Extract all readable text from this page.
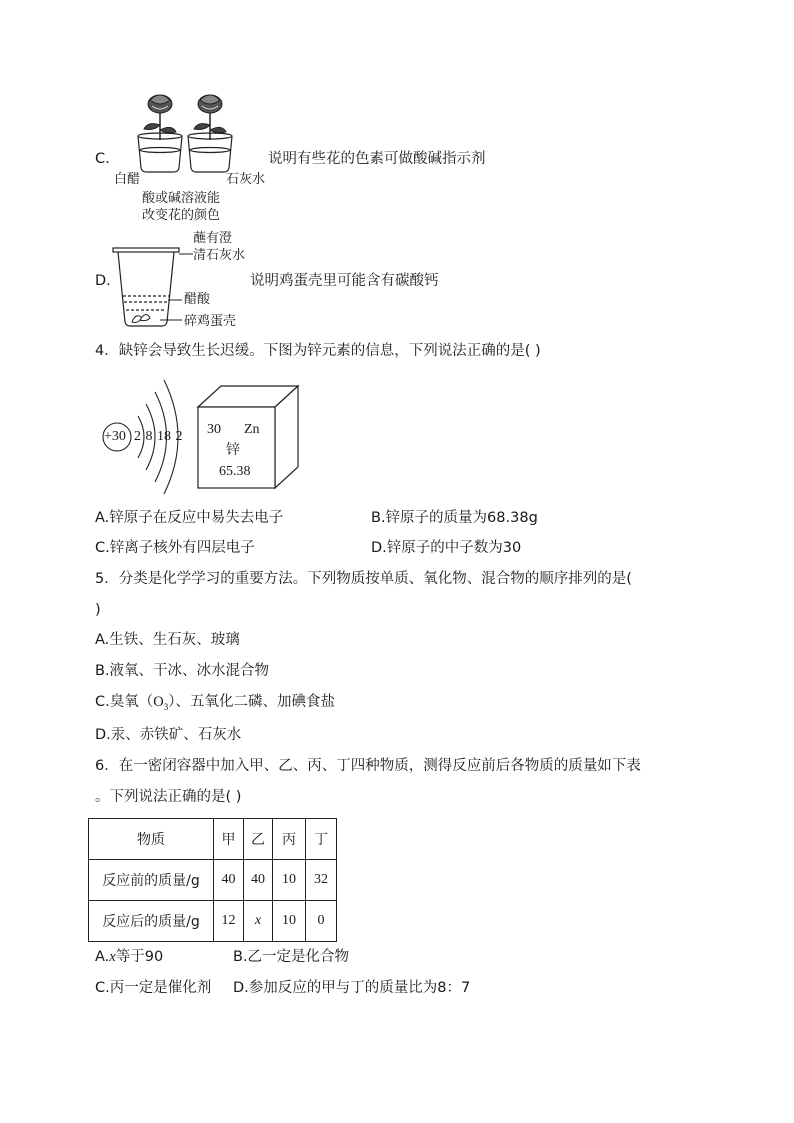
C.
白醋	石灰水
酸或碱溶液能
改变花的颜色
说明有些花的色素可做酸碱指示剂
D.
蘸有澄
清石灰水
醋酸
碎鸡蛋壳
说明鸡蛋壳里可能含有碳酸钙
4．缺锌会导致生长迟缓。下图为锌元素的信息，下列说法正确的是( )
+30 2 8 18 2 30 Zn
锌
65.38
A.锌原子在反应中易失去电子	B.锌原子的质量为68.38g
C.锌离子核外有四层电子	D.锌原子的中子数为30
5．分类是化学学习的重要方法。下列物质按单质、氧化物、混合物的顺序排列的是(
)
A.生铁、生石灰、玻璃
B.液氧、干冰、冰水混合物
C.臭氧$(O_3)$、五氧化二磷、加碘食盐
D.汞、赤铁矿、石灰水
6．在一密闭容器中加入甲、乙、丙、丁四种物质，测得反应前后各物质的质量如下表
。下列说法正确的是( )
物质	甲	乙	丙	丁
反应前的质量/g	40	40	10	32
反应后的质量/g	12	x	10	0
A.x等于90	B.乙一定是化合物
C.丙一定是催化剂 D.参加反应的甲与丁的质量比为8：7
